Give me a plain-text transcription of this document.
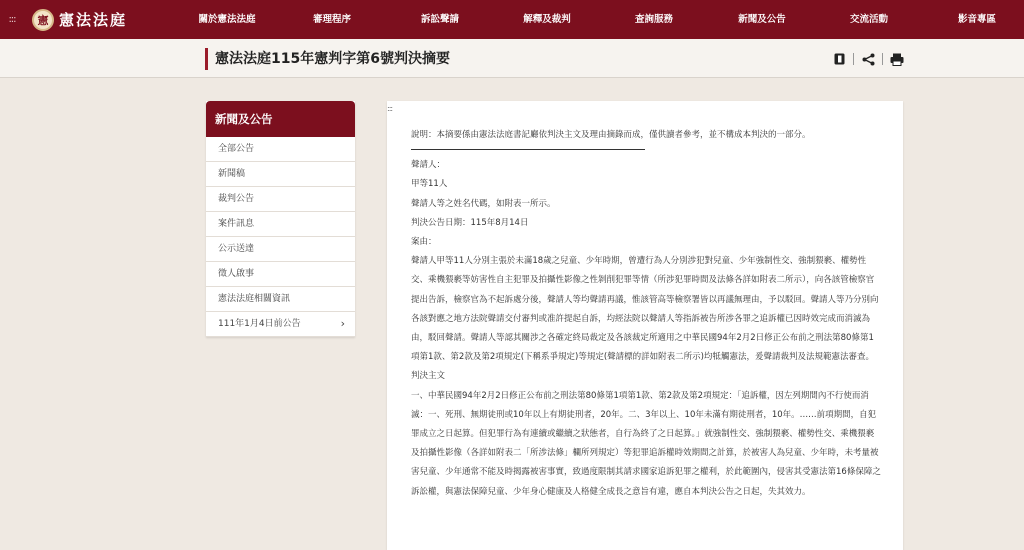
:::	憲 憲法法庭	關於憲法法庭	審理程序	訴訟聲請	解釋及裁判	查詢服務	新聞及公告	交流活動	影音專區
憲法法庭115年憲判字第6號判決摘要
新聞及公告
全部公告
新聞稿
裁判公告
案件訊息
公示送達
徵人啟事
憲法法庭相關資訊
111年1月4日前公告	›
:::

說明：本摘要係由憲法法庭書記廳依判決主文及理由摘錄而成，僅供讀者參考，並不構成本判決的一部分。

聲請人：

甲等11人

聲請人等之姓名代碼，如附表一所示。

判決公告日期：115年8月14日

案由：

聲請人甲等11人分別主張於未滿18歲之兒童、少年時期，曾遭行為人分別涉犯對兒童、少年強制性交、強制猥褻、權勢性交、乘機猥褻等妨害性自主犯罪及拍攝性影像之性剝削犯罪等情（所涉犯罪時間及法條各詳如附表二所示），向各該管檢察官提出告訴，檢察官為不起訴處分後，聲請人等均聲請再議，惟該管高等檢察署皆以再議無理由，予以駁回。聲請人等乃分別向各該對應之地方法院聲請交付審判或准許提起自訴，均經法院以聲請人等指訴被告所涉各罪之追訴權已因時效完成而消滅為由，駁回聲請。聲請人等認其關涉之各確定終局裁定及各該裁定所適用之中華民國94年2月2日修正公布前之刑法第80條第1項第1款、第2款及第2項規定(下稱系爭規定)等規定(聲請標的詳如附表二所示)均牴觸憲法，爰聲請裁判及法規範憲法審查。

判決主文

一、中華民國94年2月2日修正公布前之刑法第80條第1項第1款、第2款及第2項規定：「追訴權，因左列期間內不行使而消滅：一、死刑、無期徒刑或10年以上有期徒刑者，20年。二、3年以上、10年未滿有期徒刑者，10年。……前項期間，自犯罪成立之日起算。但犯罪行為有連續或繼續之狀態者，自行為終了之日起算。」就強制性交、強制猥褻、權勢性交、乘機猥褻及拍攝性影像（各詳如附表二「所涉法條」欄所列規定）等犯罪追訴權時效期間之計算，於被害人為兒童、少年時，未考量被害兒童、少年通常不能及時揭露被害事實，致過度限制其請求國家追訴犯罪之權利，於此範圍內，侵害其受憲法第16條保障之訴訟權，與憲法保障兒童、少年身心健康及人格健全成長之意旨有違，應自本判決公告之日起，失其效力。
